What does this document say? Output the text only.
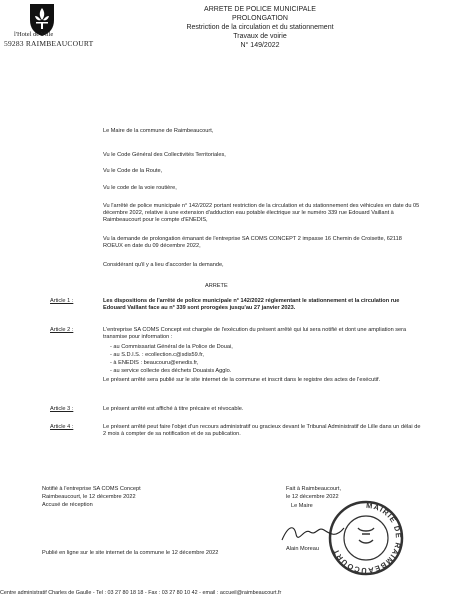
l'Hotel de Ville
59283 RAIMBEAUCOURT
ARRETE DE POLICE MUNICIPALE
PROLONGATION
Restriction de la circulation et du stationnement
Travaux de voirie
N° 149/2022
Le Maire de la commune de Raimbeaucourt,
Vu le Code Général des Collectivités Territoriales,
Vu le Code de la Route,
Vu le code de la voie routière,
Vu l'arrêté de police municipale n° 142/2022 portant restriction de la circulation et du stationnement des véhicules en date du 05 décembre 2022, relative à une extension d'adduction eau potable électrique sur le numéro 339 rue Edouard Vaillant à Raimbeaucourt pour le compte d'ENEDIS,
Vu la demande de prolongation émanant de l'entreprise SA COMS CONCEPT 2 impasse 16 Chemin de Croisette, 62118 ROEUX en date du 09 décembre 2022,
Considérant qu'il y a lieu d'accorder la demande,
ARRETE
Article 1 :	Les dispositions de l'arrêté de police municipale n° 142/2022 réglementant le stationnement et la circulation rue Edouard Vaillant face au n° 339 sont prorogées jusqu'au 27 janvier 2023.
Article 2 :	L'entreprise SA COMS Concept est chargée de l'exécution du présent arrêté qui lui sera notifié et dont une ampliation sera transmise pour information :
- au Commissariat Général de la Police de Douai,
- au S.D.I.S. : ecollection.c@sdis59.fr,
- à ENEDIS : beaucouru@enedis.fr,
- au service collecte des déchets Douaisis Agglo.
Le présent arrêté sera publié sur le site internet de la commune et inscrit dans le registre des actes de l'exécutif.
Article 3 :	Le présent arrêté est affiché à titre précaire et révocable.
Article 4 :	Le présent arrêté peut faire l'objet d'un recours administratif ou gracieux devant le Tribunal Administratif de Lille dans un délai de 2 mois à compter de sa notification et de sa publication.
Notifié à l'entreprise SA COMS Concept
Raimbeaucourt, le 12 décembre 2022
Accusé de réception
Fait à Raimbeaucourt,
le 12 décembre 2022
Le Maire	MAIRIE DE RAIMBEAUCOURT
Alain Moreau
Publié en ligne sur le site internet de la commune le 12 décembre 2022
Centre administratif Charles de Gaulle - Tel : 03 27 80 18 18 - Fax : 03 27 80 10 42 - email : accueil@raimbeaucourt.fr
